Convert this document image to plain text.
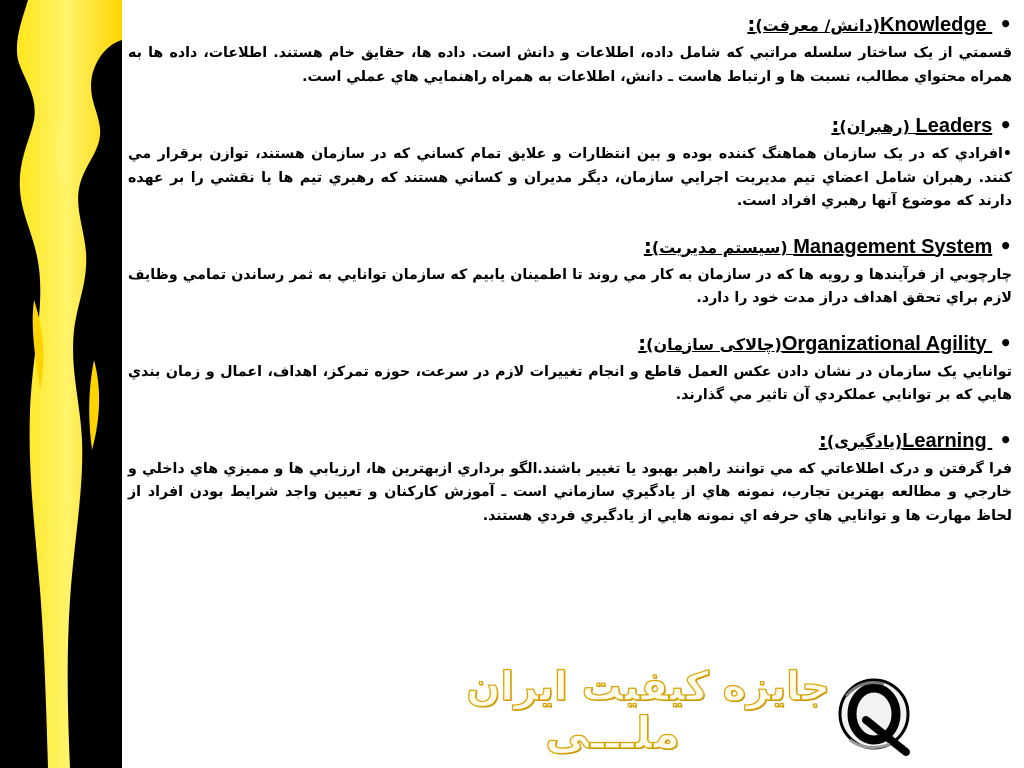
• Knowledge (دانش/ معرفت):
قسمتي از يک ساختار سلسله مراتبي که شامل داده، اطلاعات و دانش است. داده ها، حقايق خام هستند. اطلاعات، داده ها به همراه محتواي مطالب، نسبت ها و ارتباط هاست ـ دانش، اطلاعات به همراه راهنمايي هاي عملي است.
• Leaders (رهبران):
•افرادي که در يک سازمان هماهنگ کننده بوده و بين انتظارات و علايق تمام کساني که در سازمان هستند، توازن برقرار مي کنند. رهبران شامل اعضاي تيم مديريت اجرايي سازمان، ديگر مديران و کساني هستند که رهبري تيم ها يا نقشي را بر عهده دارند که موضوع آنها رهبري افراد است.
• Management System (سيستم مديريت):
چارچوبي از فرآيندها و رويه ها كه در سازمان به كار مي روند تا اطمينان يابيم كه سازمان توانايي به ثمر رساندن تمامي وظايف لازم براي تحقق اهداف دراز مدت خود را دارد.
• Organizational Agility (چالاکی سازمان):
توانايي يک سازمان در نشان دادن عكس العمل قاطع و انجام تغييرات لازم در سرعت، حوزه تمركز، اهداف، اعمال و زمان بندي هايي كه بر توانايي عملكردي آن تاثير مي گذارند.
• Learning (يادگيری):
فرا گرفتن و درک اطلاعاتي که مي توانند راهبر بهبود يا تغيير باشند.الگو برداري ازبهترين ها، ارزيابي ها و مميزي هاي داخلي و خارجي و مطالعه بهترين تجارب، نمونه هاي از يادگيري سازماني است ـ آموزش کارکنان و تعيين واجد شرايط بودن افراد از لحاظ مهارت ها و توانايي هاي حرفه اي نمونه هايي از يادگيري فردي هستند.
جايزه کيفيت ايران
ملـــی
